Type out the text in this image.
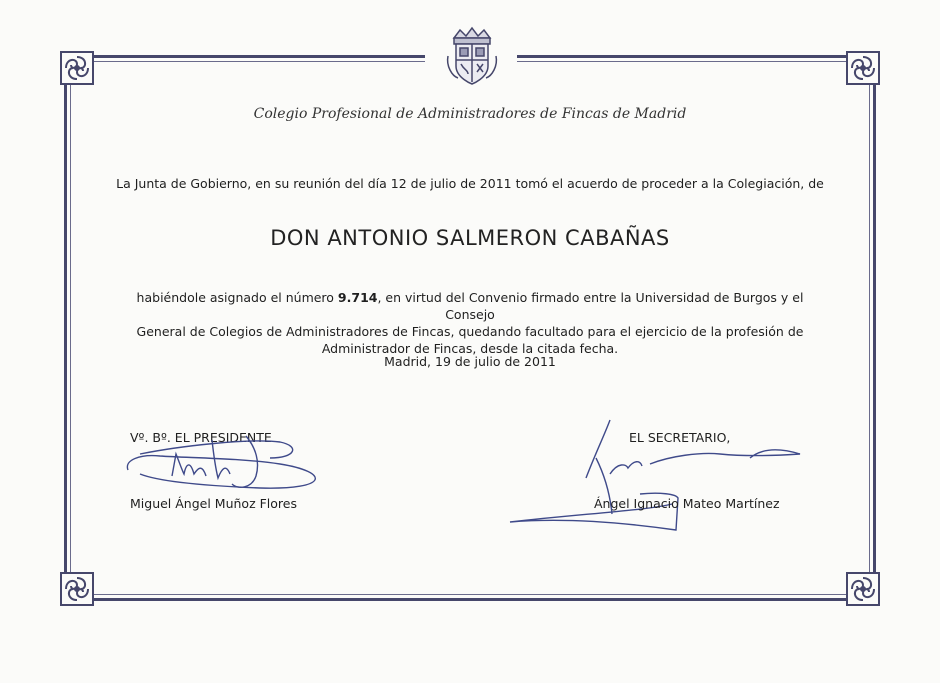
Colegio Profesional de Administradores de Fincas de Madrid
La Junta de Gobierno, en su reunión del día 12 de julio de 2011 tomó el acuerdo de proceder a la Colegiación, de
DON ANTONIO SALMERON CABAÑAS
habiéndole asignado el número 9.714, en virtud del Convenio firmado entre la Universidad de Burgos y el Consejo
General de Colegios de Administradores de Fincas, quedando facultado para el ejercicio de la profesión de
Administrador de Fincas, desde la citada fecha.
Madrid, 19 de julio de 2011
Vº. Bº. EL PRESIDENTE
Miguel Ángel Muñoz Flores
EL SECRETARIO,
Ángel Ignacio Mateo Martínez
